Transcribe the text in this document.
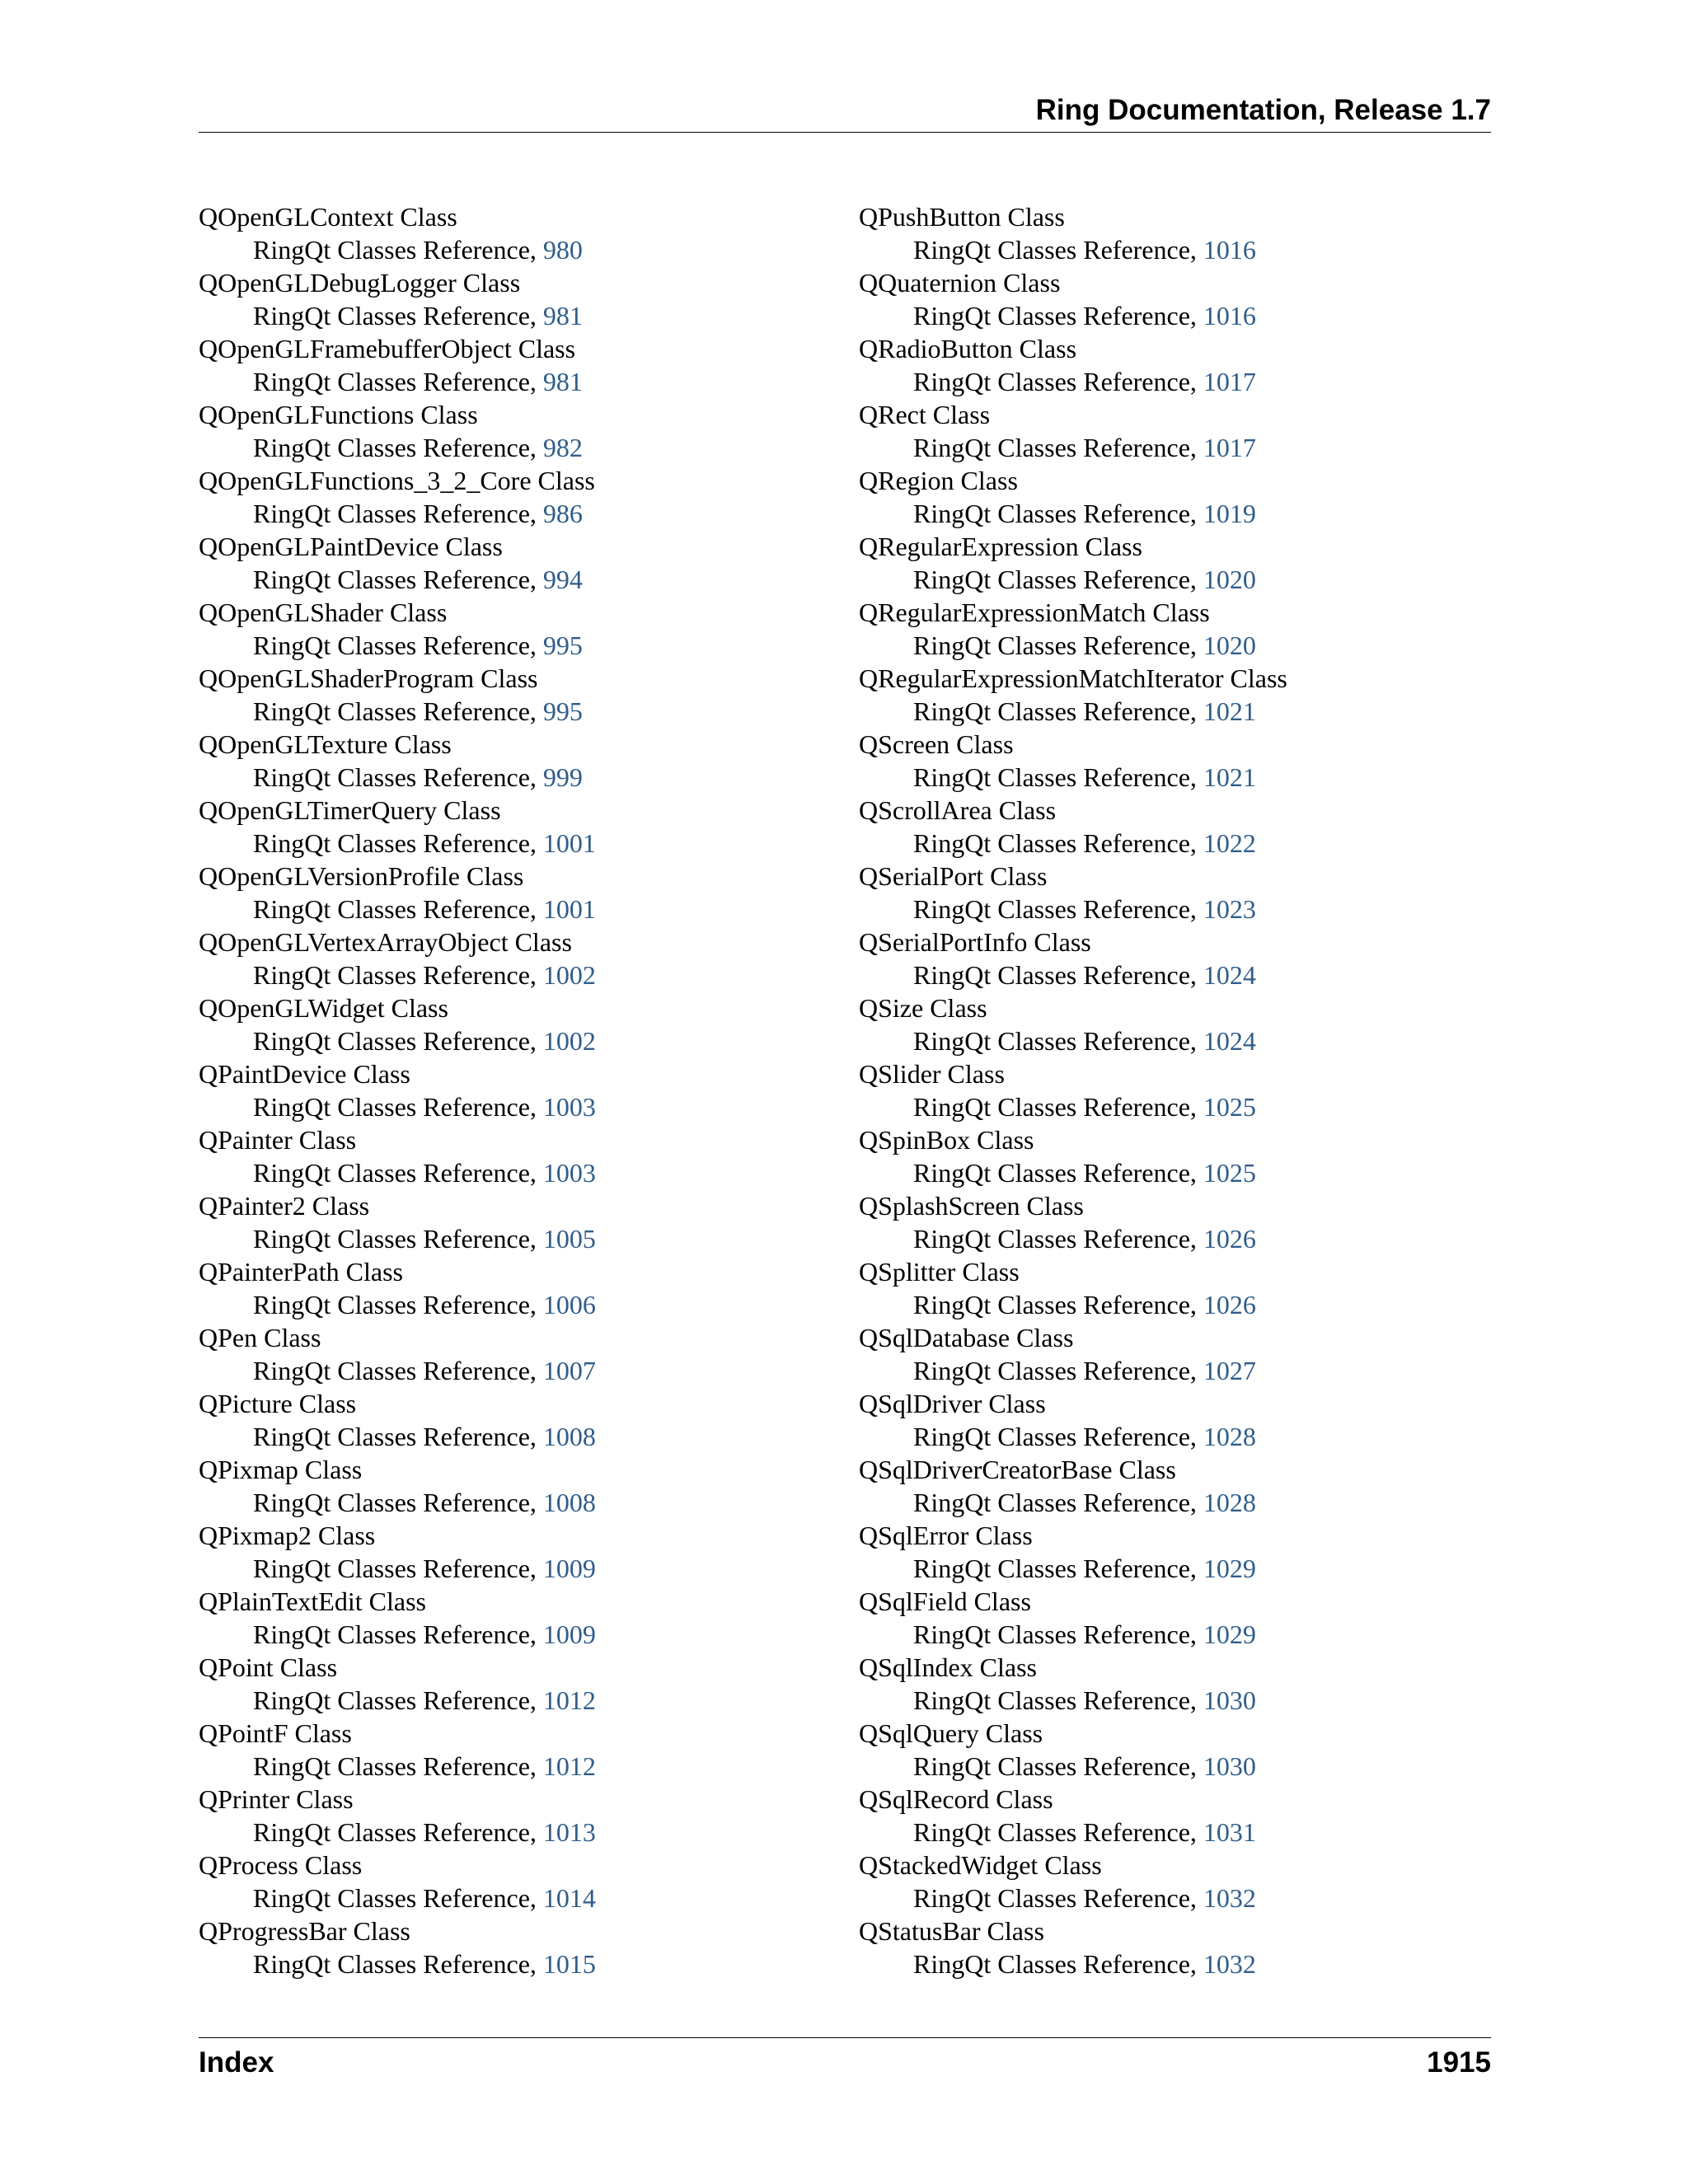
Ring Documentation, Release 1.7
QOpenGLContext Class
RingQt Classes Reference, 980
QOpenGLDebugLogger Class
RingQt Classes Reference, 981
QOpenGLFramebufferObject Class
RingQt Classes Reference, 981
QOpenGLFunctions Class
RingQt Classes Reference, 982
QOpenGLFunctions_3_2_Core Class
RingQt Classes Reference, 986
QOpenGLPaintDevice Class
RingQt Classes Reference, 994
QOpenGLShader Class
RingQt Classes Reference, 995
QOpenGLShaderProgram Class
RingQt Classes Reference, 995
QOpenGLTexture Class
RingQt Classes Reference, 999
QOpenGLTimerQuery Class
RingQt Classes Reference, 1001
QOpenGLVersionProfile Class
RingQt Classes Reference, 1001
QOpenGLVertexArrayObject Class
RingQt Classes Reference, 1002
QOpenGLWidget Class
RingQt Classes Reference, 1002
QPaintDevice Class
RingQt Classes Reference, 1003
QPainter Class
RingQt Classes Reference, 1003
QPainter2 Class
RingQt Classes Reference, 1005
QPainterPath Class
RingQt Classes Reference, 1006
QPen Class
RingQt Classes Reference, 1007
QPicture Class
RingQt Classes Reference, 1008
QPixmap Class
RingQt Classes Reference, 1008
QPixmap2 Class
RingQt Classes Reference, 1009
QPlainTextEdit Class
RingQt Classes Reference, 1009
QPoint Class
RingQt Classes Reference, 1012
QPointF Class
RingQt Classes Reference, 1012
QPrinter Class
RingQt Classes Reference, 1013
QProcess Class
RingQt Classes Reference, 1014
QProgressBar Class
RingQt Classes Reference, 1015
QPushButton Class
RingQt Classes Reference, 1016
QQuaternion Class
RingQt Classes Reference, 1016
QRadioButton Class
RingQt Classes Reference, 1017
QRect Class
RingQt Classes Reference, 1017
QRegion Class
RingQt Classes Reference, 1019
QRegularExpression Class
RingQt Classes Reference, 1020
QRegularExpressionMatch Class
RingQt Classes Reference, 1020
QRegularExpressionMatchIterator Class
RingQt Classes Reference, 1021
QScreen Class
RingQt Classes Reference, 1021
QScrollArea Class
RingQt Classes Reference, 1022
QSerialPort Class
RingQt Classes Reference, 1023
QSerialPortInfo Class
RingQt Classes Reference, 1024
QSize Class
RingQt Classes Reference, 1024
QSlider Class
RingQt Classes Reference, 1025
QSpinBox Class
RingQt Classes Reference, 1025
QSplashScreen Class
RingQt Classes Reference, 1026
QSplitter Class
RingQt Classes Reference, 1026
QSqlDatabase Class
RingQt Classes Reference, 1027
QSqlDriver Class
RingQt Classes Reference, 1028
QSqlDriverCreatorBase Class
RingQt Classes Reference, 1028
QSqlError Class
RingQt Classes Reference, 1029
QSqlField Class
RingQt Classes Reference, 1029
QSqlIndex Class
RingQt Classes Reference, 1030
QSqlQuery Class
RingQt Classes Reference, 1030
QSqlRecord Class
RingQt Classes Reference, 1031
QStackedWidget Class
RingQt Classes Reference, 1032
QStatusBar Class
RingQt Classes Reference, 1032
Index	1915
